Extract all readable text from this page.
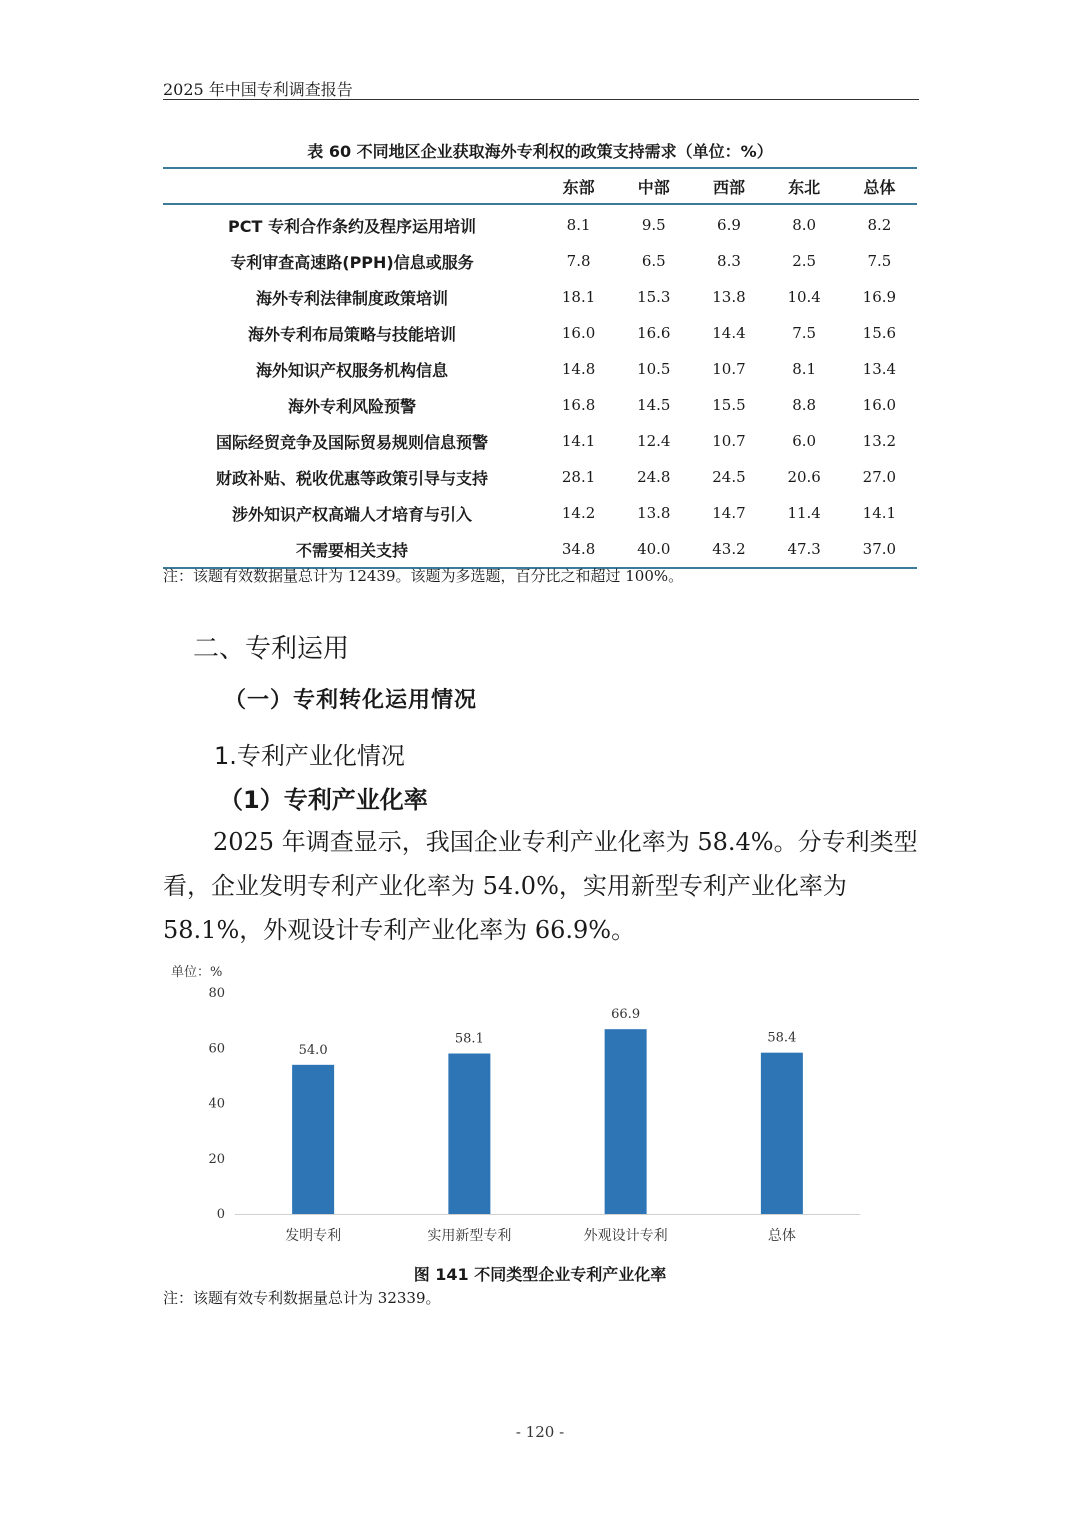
2025 年中国专利调查报告
表 60 不同地区企业获取海外专利权的政策支持需求（单位：%）
	东部	中部	西部	东北	总体
PCT 专利合作条约及程序运用培训	8.1	9.5	6.9	8.0	8.2
专利审查高速路(PPH)信息或服务	7.8	6.5	8.3	2.5	7.5
海外专利法律制度政策培训	18.1	15.3	13.8	10.4	16.9
海外专利布局策略与技能培训	16.0	16.6	14.4	7.5	15.6
海外知识产权服务机构信息	14.8	10.5	10.7	8.1	13.4
海外专利风险预警	16.8	14.5	15.5	8.8	16.0
国际经贸竞争及国际贸易规则信息预警	14.1	12.4	10.7	6.0	13.2
财政补贴、税收优惠等政策引导与支持	28.1	24.8	24.5	20.6	27.0
涉外知识产权高端人才培育与引入	14.2	13.8	14.7	11.4	14.1
不需要相关支持	34.8	40.0	43.2	47.3	37.0
注：该题有效数据量总计为 12439。该题为多选题，百分比之和超过 100%。
二、专利运用
（一）专利转化运用情况
1.专利产业化情况
（1）专利产业化率
2025 年调查显示，我国企业专利产业化率为 58.4%。分专利类型看，企业发明专利产业化率为 54.0%，实用新型专利产业化率为 58.1%，外观设计专利产业化率为 66.9%。
单位：%
0
20
40
60
80
54.0
发明专利
58.1
实用新型专利
66.9
外观设计专利
58.4
总体
图 141 不同类型企业专利产业化率
注：该题有效专利数据量总计为 32339。
- 120 -
